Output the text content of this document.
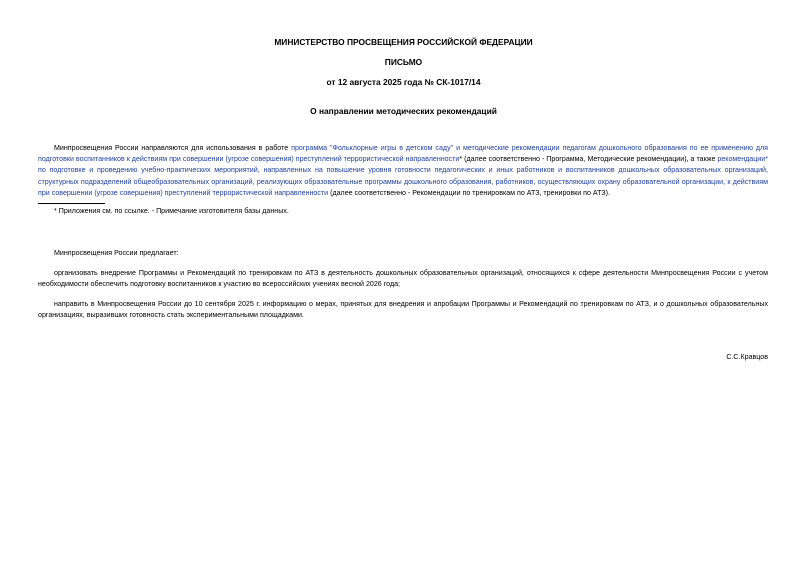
МИНИСТЕРСТВО ПРОСВЕЩЕНИЯ РОССИЙСКОЙ ФЕДЕРАЦИИ
ПИСЬМО
от 12 августа 2025 года № СК-1017/14
О направлении методических рекомендаций
Минпросвещения России направляются для использования в работе программа "Фольклорные игры в детском саду" и методические рекомендации педагогам дошкольного образования по ее применению для подготовки воспитанников к действиям при совершении (угрозе совершения) преступлений террористической направленности* (далее соответственно - Программа, Методические рекомендации), а также рекомендации* по подготовке и проведению учебно-практических мероприятий, направленных на повышение уровня готовности педагогических и иных работников и воспитанников дошкольных образовательных организаций, структурных подразделений общеобразовательных организаций, реализующих образовательные программы дошкольного образования, работников, осуществляющих охрану образовательной организации, к действиям при совершении (угрозе совершения) преступлений террористической направленности (далее соответственно - Рекомендации по тренировкам по АТЗ, тренировки по АТЗ).
* Приложения см. по ссылке. - Примечание изготовителя базы данных.
Минпросвещения России предлагает:
организовать внедрение Программы и Рекомендаций по тренировкам по АТЗ в деятельность дошкольных образовательных организаций, относящихся к сфере деятельности Минпросвещения России с учетом необходимости обеспечить подготовку воспитанников к участию во всероссийских учениях весной 2026 года;
направить в Минпросвещения России до 10 сентября 2025 г. информацию о мерах, принятых для внедрения и апробации Программы и Рекомендаций по тренировкам по АТЗ, и о дошкольных образовательных организациях, выразивших готовность стать экспериментальными площадками.
С.С.Кравцов
